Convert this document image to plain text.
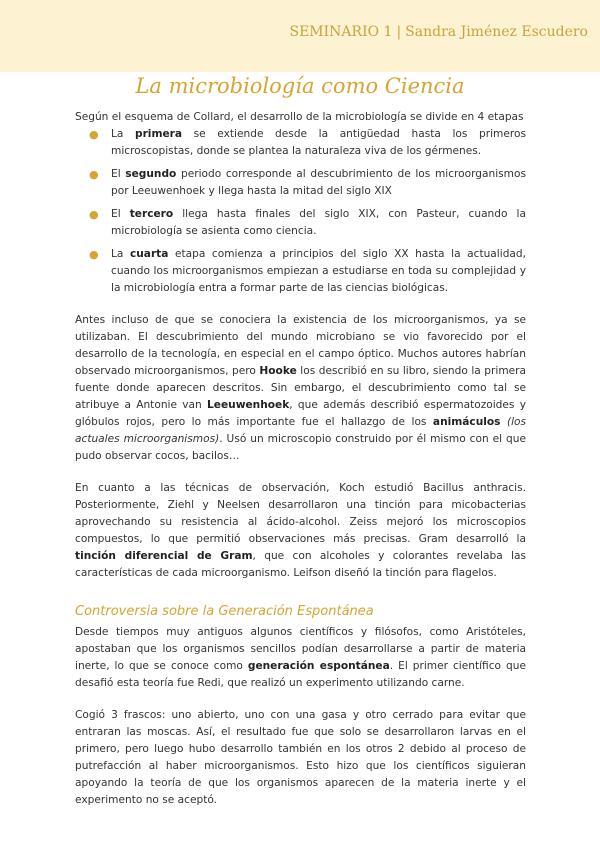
SEMINARIO 1 | Sandra Jiménez Escudero
La microbiología como Ciencia

Según el esquema de Collard, el desarrollo de la microbiología se divide en 4 etapas

● La primera se extiende desde la antigüedad hasta los primeros microscopistas, donde se plantea la naturaleza viva de los gérmenes.
● El segundo periodo corresponde al descubrimiento de los microorganismos por Leeuwenhoek y llega hasta la mitad del siglo XIX
● El tercero llega hasta finales del siglo XIX, con Pasteur, cuando la microbiología se asienta como ciencia.
● La cuarta etapa comienza a principios del siglo XX hasta la actualidad, cuando los microorganismos empiezan a estudiarse en toda su complejidad y la microbiología entra a formar parte de las ciencias biológicas.

Antes incluso de que se conociera la existencia de los microorganismos, ya se utilizaban. El descubrimiento del mundo microbiano se vio favorecido por el desarrollo de la tecnología, en especial en el campo óptico. Muchos autores habrían observado microorganismos, pero Hooke los describió en su libro, siendo la primera fuente donde aparecen descritos. Sin embargo, el descubrimiento como tal se atribuye a Antonie van Leeuwenhoek, que además describió espermatozoides y glóbulos rojos, pero lo más importante fue el hallazgo de los animáculos (los actuales microorganismos). Usó un microscopio construido por él mismo con el que pudo observar cocos, bacilos…

En cuanto a las técnicas de observación, Koch estudió Bacillus anthracis. Posteriormente, Ziehl y Neelsen desarrollaron una tinción para micobacterias aprovechando su resistencia al ácido-alcohol. Zeiss mejoró los microscopios compuestos, lo que permitió observaciones más precisas. Gram desarrolló la tinción diferencial de Gram, que con alcoholes y colorantes revelaba las características de cada microorganismo. Leifson diseñó la tinción para flagelos.

Controversia sobre la Generación Espontánea

Desde tiempos muy antiguos algunos científicos y filósofos, como Aristóteles, apostaban que los organismos sencillos podían desarrollarse a partir de materia inerte, lo que se conoce como generación espontánea. El primer científico que desafió esta teoría fue Redi, que realizó un experimento utilizando carne.

Cogió 3 frascos: uno abierto, uno con una gasa y otro cerrado para evitar que entraran las moscas. Así, el resultado fue que solo se desarrollaron larvas en el primero, pero luego hubo desarrollo también en los otros 2 debido al proceso de putrefacción al haber microorganismos. Esto hizo que los científicos siguieran apoyando la teoría de que los organismos aparecen de la materia inerte y el experimento no se aceptó.
